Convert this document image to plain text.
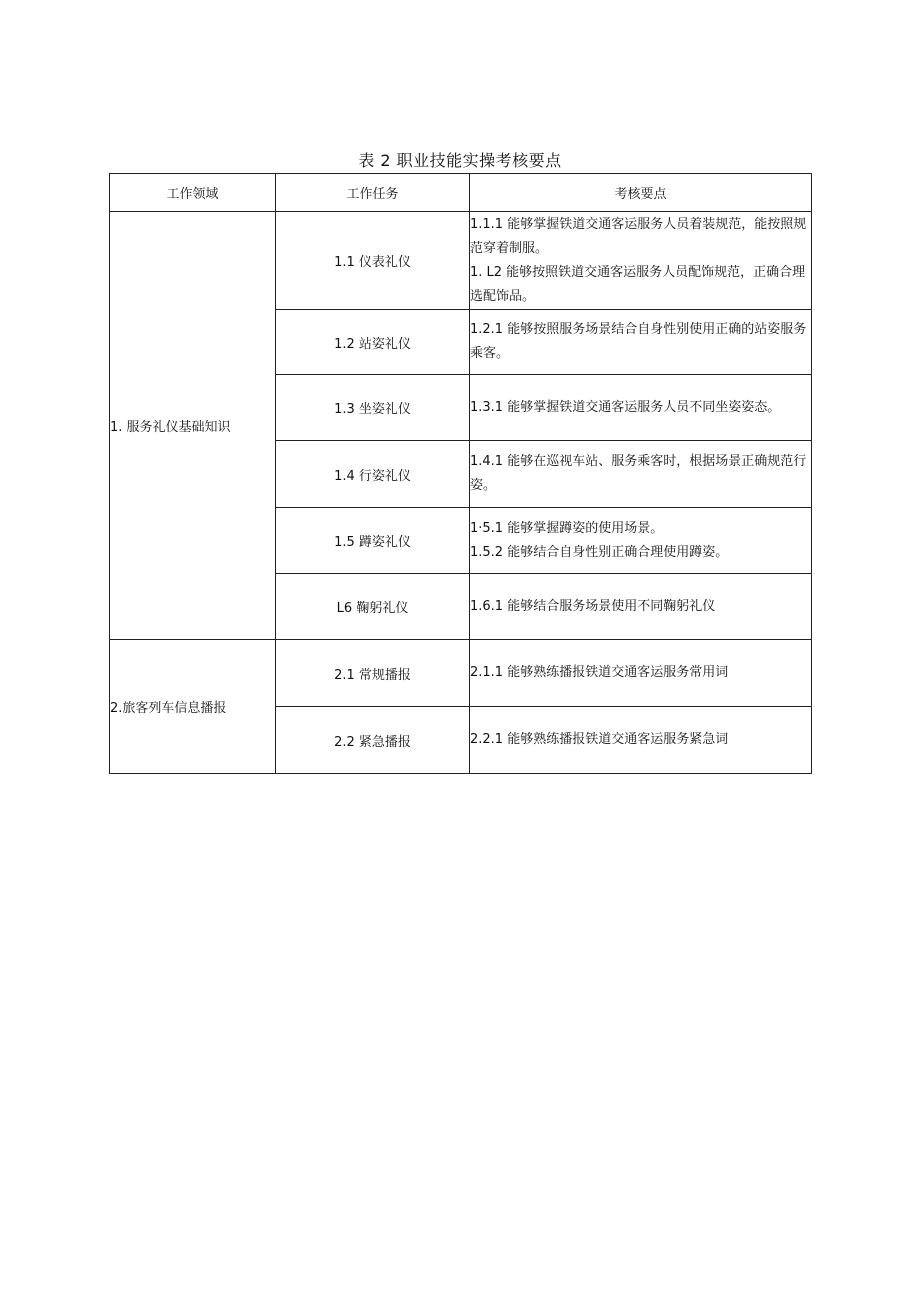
表 2 职业技能实操考核要点
工作领域	工作任务	考核要点
1. 服务礼仪基础知识	1.1 仪表礼仪	1.1.1 能够掌握铁道交通客运服务人员着装规范，能按照规范穿着制服。

1. L2 能够按照铁道交通客运服务人员配饰规范，正确合理选配饰品。

	1.2 站姿礼仪	1.2.1 能够按照服务场景结合自身性别使用正确的站姿服务乘客。

	1.3 坐姿礼仪	1.3.1 能够掌握铁道交通客运服务人员不同坐姿姿态。

	1.4 行姿礼仪	1.4.1 能够在巡视车站、服务乘客时，根据场景正确规范行姿。

	1.5 蹲姿礼仪	1·5.1 能够掌握蹲姿的使用场景。

1.5.2 能够结合自身性别正确合理使用蹲姿。

	L6 鞠躬礼仪	1.6.1 能够结合服务场景使用不同鞠躬礼仪

2.旅客列车信息播报	2.1 常规播报	2.1.1 能够熟练播报铁道交通客运服务常用词

	2.2 紧急播报	2.2.1 能够熟练播报铁道交通客运服务紧急词
